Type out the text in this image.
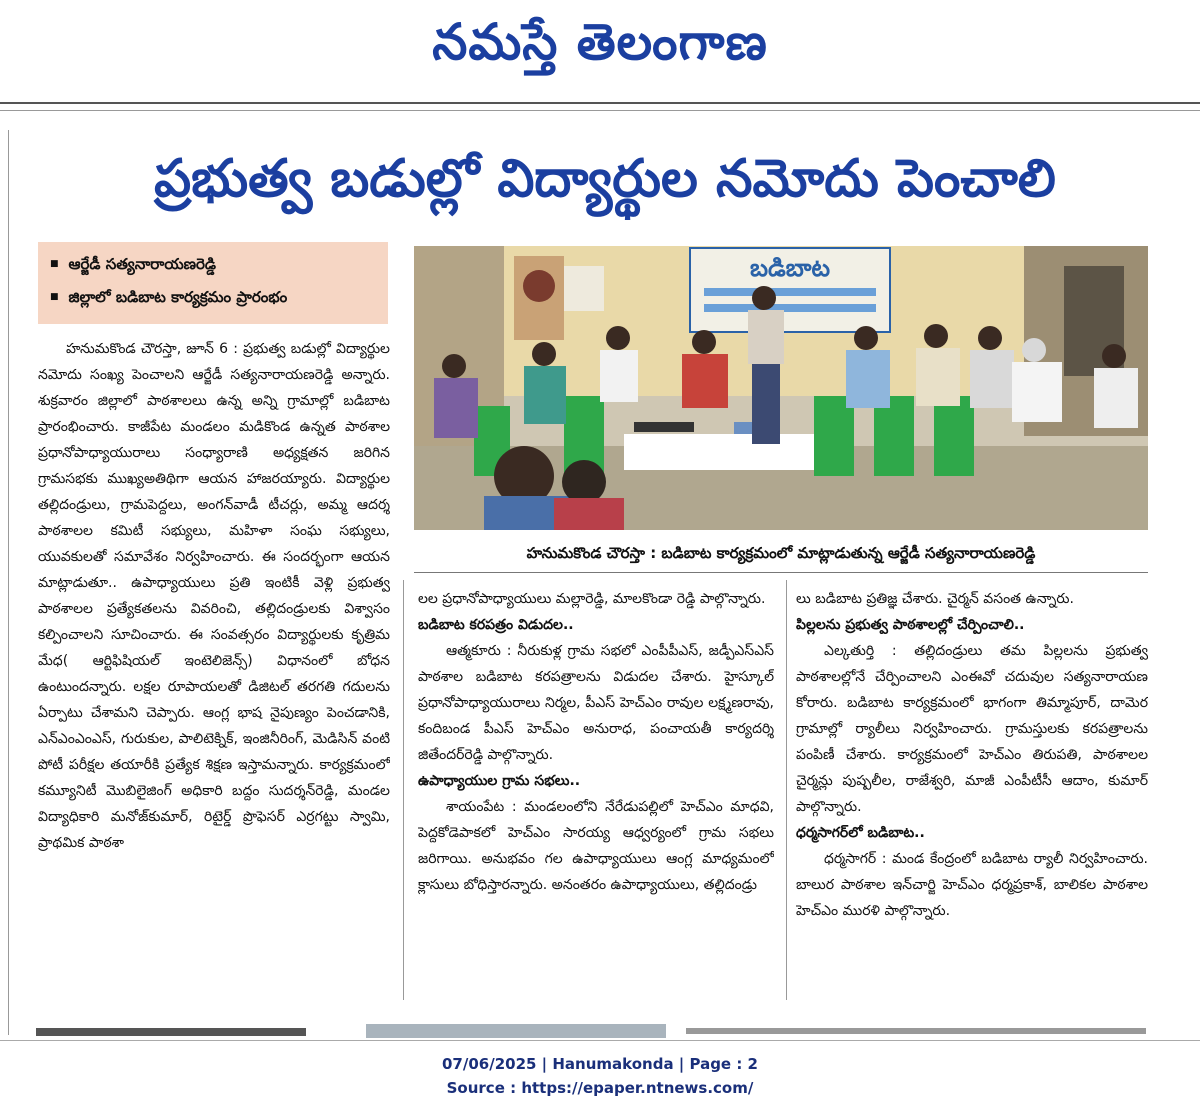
నమస్తే తెలంగాణ
ప్రభుత్వ బడుల్లో విద్యార్థుల నమోదు పెంచాలి
■ ఆర్జేడీ సత్యనారాయణరెడ్డి
■ జిల్లాలో బడిబాట కార్యక్రమం ప్రారంభం
బడిబాట
హనుమకొండ చౌరస్తా : బడిబాట కార్యక్రమంలో మాట్లాడుతున్న ఆర్జేడీ సత్యనారాయణరెడ్డి

హనుమకొండ చౌరస్తా, జూన్ 6 : ప్రభుత్వ బడుల్లో విద్యార్థుల నమోదు సంఖ్య పెంచాలని ఆర్జేడీ సత్యనారాయణరెడ్డి అన్నారు. శుక్రవారం జిల్లాలో పాఠశాలలు ఉన్న అన్ని గ్రామాల్లో బడిబాట ప్రారంభించారు. కాజీపేట మండలం మడికొండ ఉన్నత పాఠశాల ప్రధానోపాధ్యాయురాలు సంధ్యారాణి అధ్యక్షతన జరిగిన గ్రామసభకు ముఖ్యఅతిథిగా ఆయన హాజరయ్యారు. విద్యార్థుల తల్లిదండ్రులు, గ్రామపెద్దలు, అంగన్‌వాడీ టీచర్లు, అమ్మ ఆదర్శ పాఠశాలల కమిటీ సభ్యులు, మహిళా సంఘ సభ్యులు, యువకులతో సమావేశం నిర్వహించారు. ఈ సందర్భంగా ఆయన మాట్లాడుతూ.. ఉపాధ్యాయులు ప్రతి ఇంటికీ వెళ్లి ప్రభుత్వ పాఠశాలల ప్రత్యేకతలను వివరించి, తల్లిదండ్రులకు విశ్వాసం కల్పించాలని సూచించారు. ఈ సంవత్సరం విద్యార్థులకు కృత్రిమ మేధ( ఆర్టిఫిషియల్ ఇంటెలిజెన్స్) విధానంలో బోధన ఉంటుందన్నారు. లక్షల రూపాయలతో డిజిటల్ తరగతి గదులను ఏర్పాటు చేశామని చెప్పారు. ఆంగ్ల భాష నైపుణ్యం పెంచడానికి, ఎన్‌ఎంఎంఎస్, గురుకుల, పాలిటెక్నిక్, ఇంజినీరింగ్, మెడిసిన్ వంటి పోటీ పరీక్షల తయారీకి ప్రత్యేక శిక్షణ ఇస్తామన్నారు. కార్యక్రమంలో కమ్యూనిటీ మొబిలైజింగ్ అధికారి బద్దం సుదర్శన్‌రెడ్డి, మండల విద్యాధికారి మనోజ్‌కుమార్, రిటైర్డ్ ప్రొఫెసర్ ఎర్రగట్టు స్వామి, ప్రాథమిక పాఠశా

లల ప్రధానోపాధ్యాయులు మల్లారెడ్డి, మాలకొండా రెడ్డి పాల్గొన్నారు.

బడిబాట కరపత్రం విడుదల..

ఆత్మకూరు : నీరుకుళ్ల గ్రామ సభలో ఎంపీపీఎస్, జడ్పీఎస్ఎస్ పాఠశాల బడిబాట కరపత్రాలను విడుదల చేశారు. హైస్కూల్ ప్రధానోపాధ్యాయురాలు నిర్మల, పీఎస్ హెచ్ఎం రావుల లక్ష్మణరావు, కందిబండ పీఎస్ హెచ్ఎం అనురాధ, పంచాయతీ కార్యదర్శి జితేందర్‌రెడ్డి పాల్గొన్నారు.

ఉపాధ్యాయుల గ్రామ సభలు..

శాయంపేట : మండలంలోని నేరేడుపల్లిలో హెచ్ఎం మాధవి, పెద్దకోడెపాకలో హెచ్ఎం సారయ్య ఆధ్వర్యంలో గ్రామ సభలు జరిగాయి. అనుభవం గల ఉపాధ్యాయులు ఆంగ్ల మాధ్యమంలో క్లాసులు బోధిస్తారన్నారు. అనంతరం ఉపాధ్యాయులు, తల్లిదండ్రు

లు బడిబాట ప్రతిజ్ఞ చేశారు. చైర్మన్ వసంత ఉన్నారు.

పిల్లలను ప్రభుత్వ పాఠశాలల్లో చేర్పించాలి..

ఎల్కతుర్తి : తల్లిదండ్రులు తమ పిల్లలను ప్రభుత్వ పాఠశాలల్లోనే చేర్పించాలని ఎంఈవో చదువుల సత్యనారాయణ కోరారు. బడిబాట కార్యక్రమంలో భాగంగా తిమ్మాపూర్, దామెర గ్రామాల్లో ర్యాలీలు నిర్వహించారు. గ్రామస్తులకు కరపత్రాలను పంపిణీ చేశారు. కార్యక్రమంలో హెచ్ఎం తిరుపతి, పాఠశాలల చైర్మన్లు పుష్పలీల, రాజేశ్వరి, మాజీ ఎంపీటీసీ ఆదాం, కుమార్ పాల్గొన్నారు.

ధర్మసాగర్‌లో బడిబాట..

ధర్మసాగర్ : మండ కేంద్రంలో బడిబాట ర్యాలీ నిర్వహించారు. బాలుర పాఠశాల ఇన్‌చార్జి హెచ్ఎం ధర్మప్రకాశ్, బాలికల పాఠశాల హెచ్ఎం మురళి పాల్గొన్నారు.

07/06/2025 | Hanumakonda | Page : 2
Source : https://epaper.ntnews.com/
